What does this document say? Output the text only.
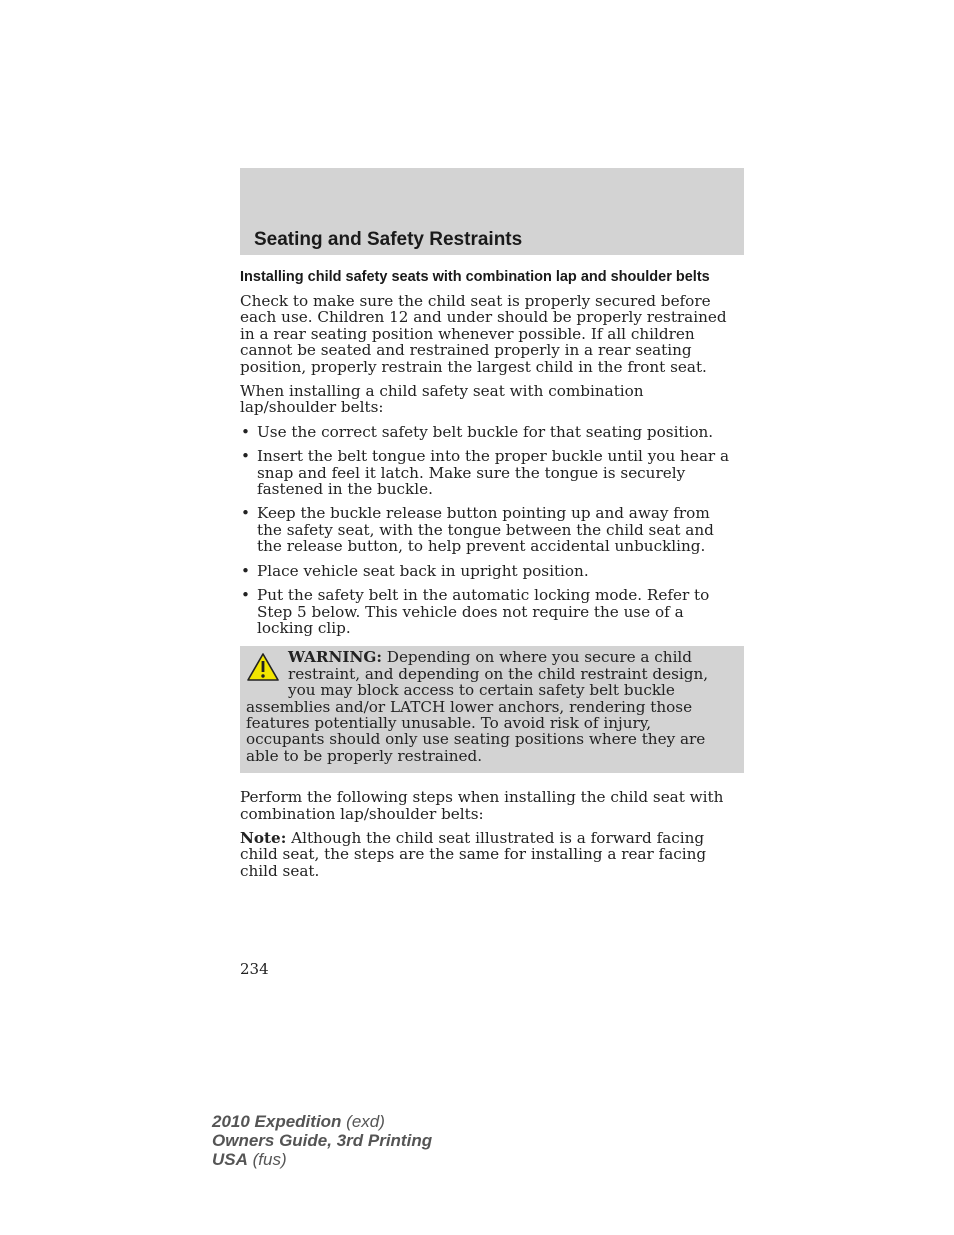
Seating and Safety Restraints
Installing child safety seats with combination lap and shoulder belts

Check to make sure the child seat is properly secured before each use. Children 12 and under should be properly restrained in a rear seating position whenever possible. If all children cannot be seated and restrained properly in a rear seating position, properly restrain the largest child in the front seat.

When installing a child safety seat with combination lap/shoulder belts:

• Use the correct safety belt buckle for that seating position.
• Insert the belt tongue into the proper buckle until you hear a snap and feel it latch. Make sure the tongue is securely fastened in the buckle.
• Keep the buckle release button pointing up and away from the safety seat, with the tongue between the child seat and the release button, to help prevent accidental unbuckling.
• Place vehicle seat back in upright position.
• Put the safety belt in the automatic locking mode. Refer to Step 5 below. This vehicle does not require the use of a locking clip.
WARNING: Depending on where you secure a child restraint, and depending on the child restraint design, you may block access to certain safety belt buckle assemblies and/or LATCH lower anchors, rendering those features potentially unusable. To avoid risk of injury, occupants should only use seating positions where they are able to be properly restrained.

Perform the following steps when installing the child seat with combination lap/shoulder belts:

Note: Although the child seat illustrated is a forward facing child seat, the steps are the same for installing a rear facing child seat.

234
2010 Expedition (exd)
Owners Guide, 3rd Printing
USA (fus)
